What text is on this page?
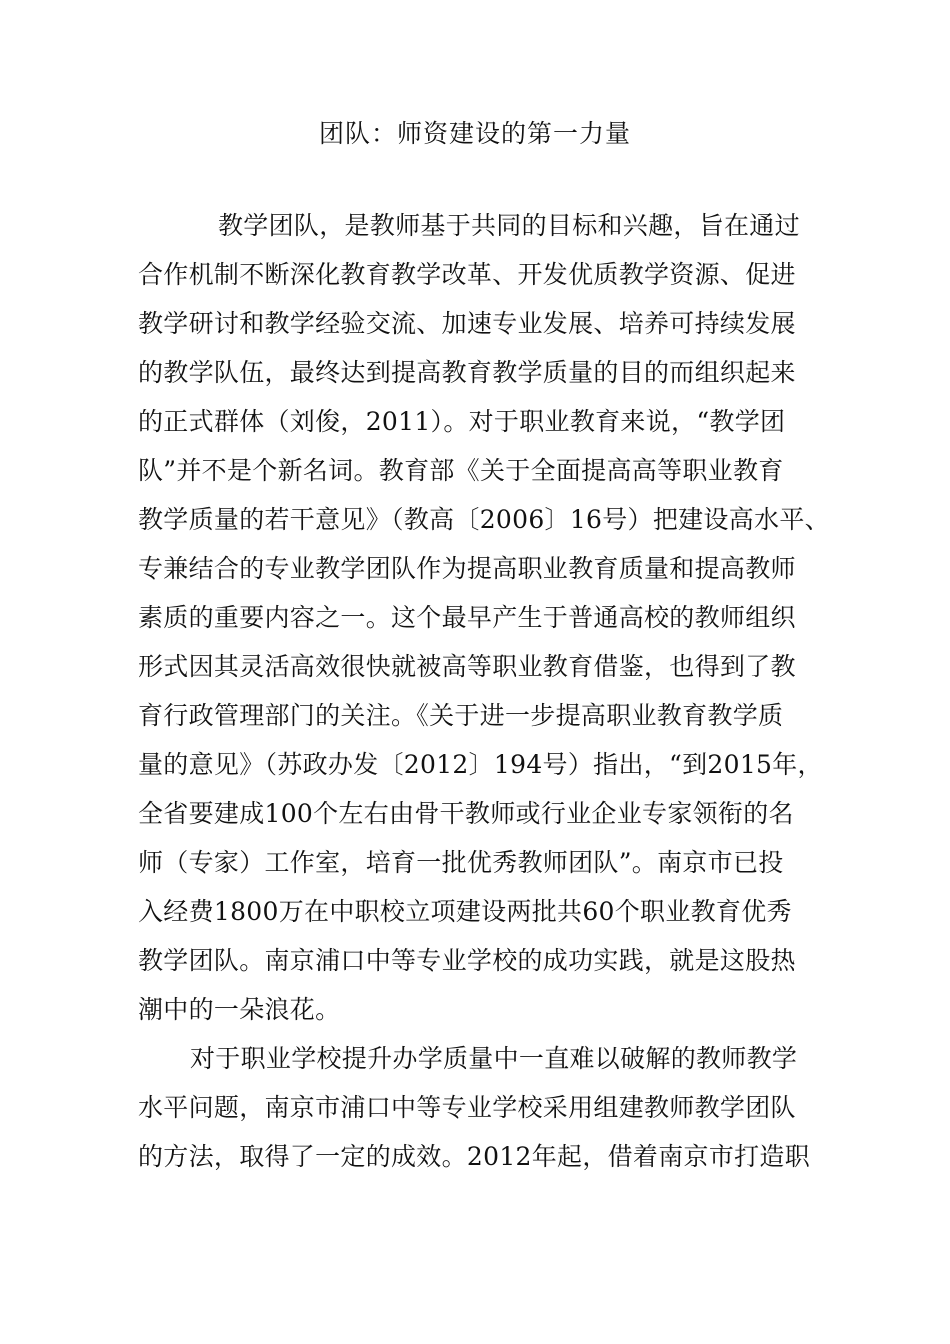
团队：师资建设的第一力量
教学团队，是教师基于共同的目标和兴趣，旨在通过
合作机制不断深化教育教学改革、开发优质教学资源、促进
教学研讨和教学经验交流、加速专业发展、培养可持续发展
的教学队伍，最终达到提高教育教学质量的目的而组织起来
的正式群体（刘俊，2011）。对于职业教育来说，“教学团
队”并不是个新名词。教育部《关于全面提高高等职业教育
教学质量的若干意见》（教高〔2006〕16号）把建设高水平、
专兼结合的专业教学团队作为提高职业教育质量和提高教师
素质的重要内容之一。这个最早产生于普通高校的教师组织
形式因其灵活高效很快就被高等职业教育借鉴，也得到了教
育行政管理部门的关注。《关于进一步提高职业教育教学质
量的意见》（苏政办发〔2012〕194号）指出，“到2015年，
全省要建成100个左右由骨干教师或行业企业专家领衔的名
师（专家）工作室，培育一批优秀教师团队”。南京市已投
入经费1800万在中职校立项建设两批共60个职业教育优秀
教学团队。南京浦口中等专业学校的成功实践，就是这股热
潮中的一朵浪花。
对于职业学校提升办学质量中一直难以破解的教师教学
水平问题，南京市浦口中等专业学校采用组建教师教学团队
的方法，取得了一定的成效。2012年起，借着南京市打造职
